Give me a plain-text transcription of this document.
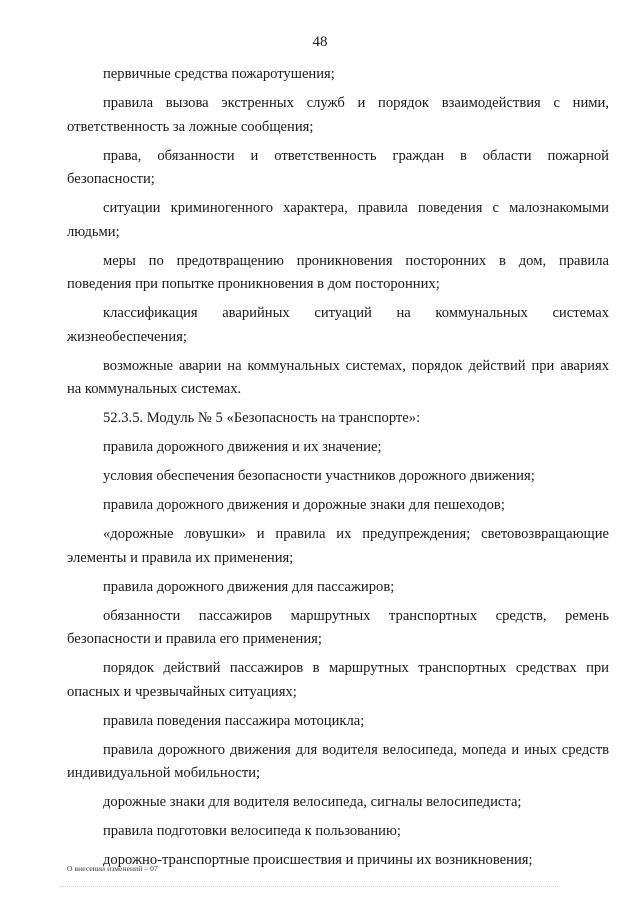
48

первичные средства пожаротушения;

правила вызова экстренных служб и порядок взаимодействия с ними, ответственность за ложные сообщения;

права, обязанности и ответственность граждан в области пожарной безопасности;

ситуации криминогенного характера, правила поведения с малознакомыми людьми;

меры по предотвращению проникновения посторонних в дом, правила поведения при попытке проникновения в дом посторонних;

классификация аварийных ситуаций на коммунальных системах жизнеобеспечения;

возможные аварии на коммунальных системах, порядок действий при авариях на коммунальных системах.

52.3.5. Модуль № 5 «Безопасность на транспорте»:

правила дорожного движения и их значение;

условия обеспечения безопасности участников дорожного движения;

правила дорожного движения и дорожные знаки для пешеходов;

«дорожные ловушки» и правила их предупреждения; световозвращающие элементы и правила их применения;

правила дорожного движения для пассажиров;

обязанности пассажиров маршрутных транспортных средств, ремень безопасности и правила его применения;

порядок действий пассажиров в маршрутных транспортных средствах при опасных и чрезвычайных ситуациях;

правила поведения пассажира мотоцикла;

правила дорожного движения для водителя велосипеда, мопеда и иных средств индивидуальной мобильности;

дорожные знаки для водителя велосипеда, сигналы велосипедиста;

правила подготовки велосипеда к пользованию;

дорожно-транспортные происшествия и причины их возникновения;

О внесении изменений – 07
